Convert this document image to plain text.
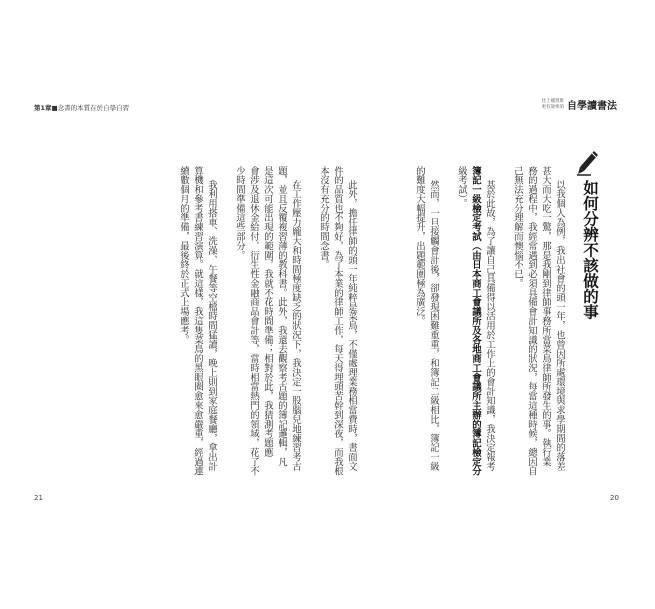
第1章■念書的本質在於自學自習
此外，擔任律師的頭一年純粹是菜鳥，不僅處理業務相當費時，書面文
件的品質也不夠好，為了本業的律師工作，每天得埋頭苦幹到深夜，而我根
本沒有充分的時間念書。
在工作壓力龐大和時間極度缺乏的狀況下，我決定一股腦兒地練習考古
題，並且反覆複習薄的教科書。此外，我還去觀察考古題的簿記邏輯，凡
是這次可能出現的範圍，我就不花時間準備；相對於此，我猜測考題應
會涉及退休金給付、衍生性金融商品會計等，當時相當熱門的領域，花了不
少時間準備這些部分。
我利用搭車、洗澡、午餐等空檔時間猛讀，晚上則到家庭餐廳，拿出計
算機和參考書練習演算。就這樣，我這隻菜鳥的黑眼圈愈來愈嚴重，經過連
續數個月的準備，最後終於正式上場應考。
21
比上補習班
更有效率的 自學讀書法
如何分辨不該做的事
以我個人為例，我出社會的頭一年，也曾因所處環境與求學期間的落差
甚大而大吃一驚，那是我剛到律師事務所當菜鳥律師所發生的事。執行業
務的過程中，我經常遇到必須具備會計知識的狀況，每當這種時候，總因自
己無法充分理解而懊惱不已。
基於此故，為了讓自己具備得以活用於工作上的會計知識，我決定報考
簿記一級檢定考試（由日本商工會議所及各地商工會議所主辦的簿記檢定分
級考試）。
然而，一旦接觸會計後，卻發現困難重重，和簿記二級相比，簿記一級
的難度大幅提升，出題範圍極為廣泛。
20
